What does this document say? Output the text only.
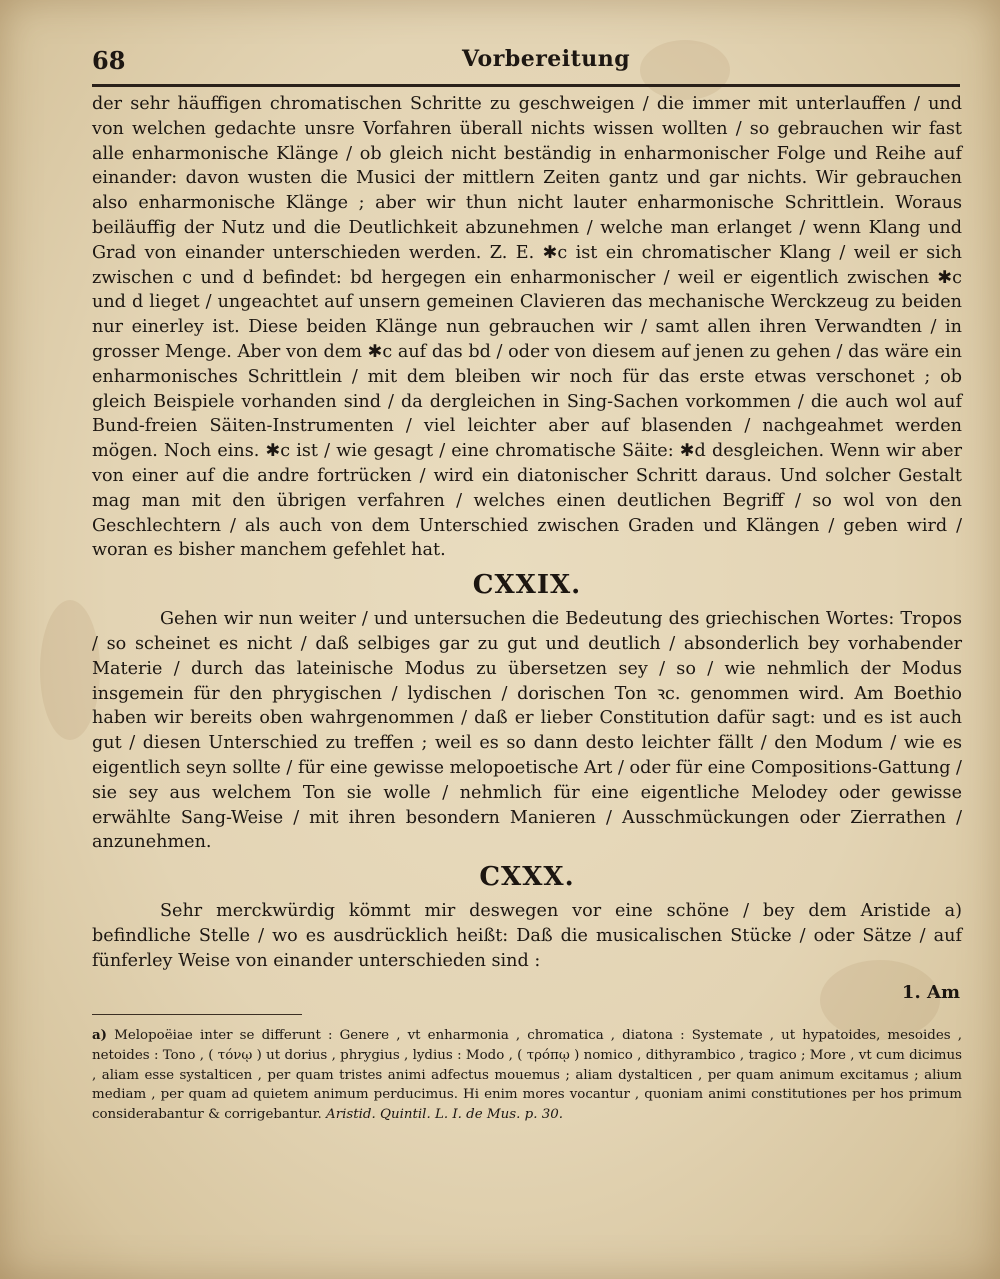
68	Vorbereitung

der sehr häuffigen chromatischen Schritte zu geschweigen / die immer mit unterlauffen / und von welchen gedachte unsre Vorfahren überall nichts wissen wollten / so gebrauchen wir fast alle enharmonische Klänge / ob gleich nicht beständig in enharmonischer Folge und Reihe auf einander: davon wusten die Musici der mittlern Zeiten gantz und gar nichts. Wir gebrauchen also enharmonische Klänge ; aber wir thun nicht lauter enharmonische Schrittlein. Woraus beiläuffig der Nutz und die Deutlichkeit abzunehmen / welche man erlanget / wenn Klang und Grad von einander unterschieden werden. Z. E. ✱c ist ein chromatischer Klang / weil er sich zwischen c und d befindet: bd hergegen ein enharmonischer / weil er eigentlich zwischen ✱c und d lieget / ungeachtet auf unsern gemeinen Clavieren das mechanische Werckzeug zu beiden nur einerley ist. Diese beiden Klänge nun gebrauchen wir / samt allen ihren Verwandten / in grosser Menge. Aber von dem ✱c auf das bd / oder von diesem auf jenen zu gehen / das wäre ein enharmonisches Schrittlein / mit dem bleiben wir noch für das erste etwas verschonet ; ob gleich Beispiele vorhanden sind / da dergleichen in Sing-Sachen vorkommen / die auch wol auf Bund-freien Säiten-Instrumenten / viel leichter aber auf blasenden / nachgeahmet werden mögen. Noch eins. ✱c ist / wie gesagt / eine chromatische Säite: ✱d desgleichen. Wenn wir aber von einer auf die andre fortrücken / wird ein diatonischer Schritt daraus. Und solcher Gestalt mag man mit den übrigen verfahren / welches einen deutlichen Begriff / so wol von den Geschlechtern / als auch von dem Unterschied zwischen Graden und Klängen / geben wird / woran es bisher manchem gefehlet hat.

CXXIX.

Gehen wir nun weiter / und untersuchen die Bedeutung des griechischen Wortes: Tropos / so scheinet es nicht / daß selbiges gar zu gut und deutlich / absonderlich bey vorhabender Materie / durch das lateinische Modus zu übersetzen sey / so / wie nehmlich der Modus insgemein für den phrygischen / lydischen / dorischen Ton ꝛc. genommen wird. Am Boethio haben wir bereits oben wahrgenommen / daß er lieber Constitution dafür sagt: und es ist auch gut / diesen Unterschied zu treffen ; weil es so dann desto leichter fällt / den Modum / wie es eigentlich seyn sollte / für eine gewisse melopoetische Art / oder für eine Compositions-Gattung / sie sey aus welchem Ton sie wolle / nehmlich für eine eigentliche Melodey oder gewisse erwählte Sang-Weise / mit ihren besondern Manieren / Ausschmückungen oder Zierrathen / anzunehmen.

CXXX.

Sehr merckwürdig kömmt mir deswegen vor eine schöne / bey dem Aristide a) befindliche Stelle / wo es ausdrücklich heißt: Daß die musicalischen Stücke / oder Sätze / auf fünferley Weise von einander unterschieden sind :

1. Am
a) Melopoëiae inter se differunt : Genere , vt enharmonia , chromatica , diatona : Systemate , ut hypatoides, mesoides , netoides : Tono , ( τόνῳ ) ut dorius , phrygius , lydius : Modo , ( τρόπῳ ) nomico , dithyrambico , tragico ; More , vt cum dicimus , aliam esse systalticen , per quam tristes animi adfectus mouemus ; aliam dystalticen , per quam animum excitamus ; alium mediam , per quam ad quietem animum perducimus. Hi enim mores vocantur , quoniam animi constitutiones per hos primum considerabantur & corrigebantur. Aristid. Quintil. L. I. de Mus. p. 30.
